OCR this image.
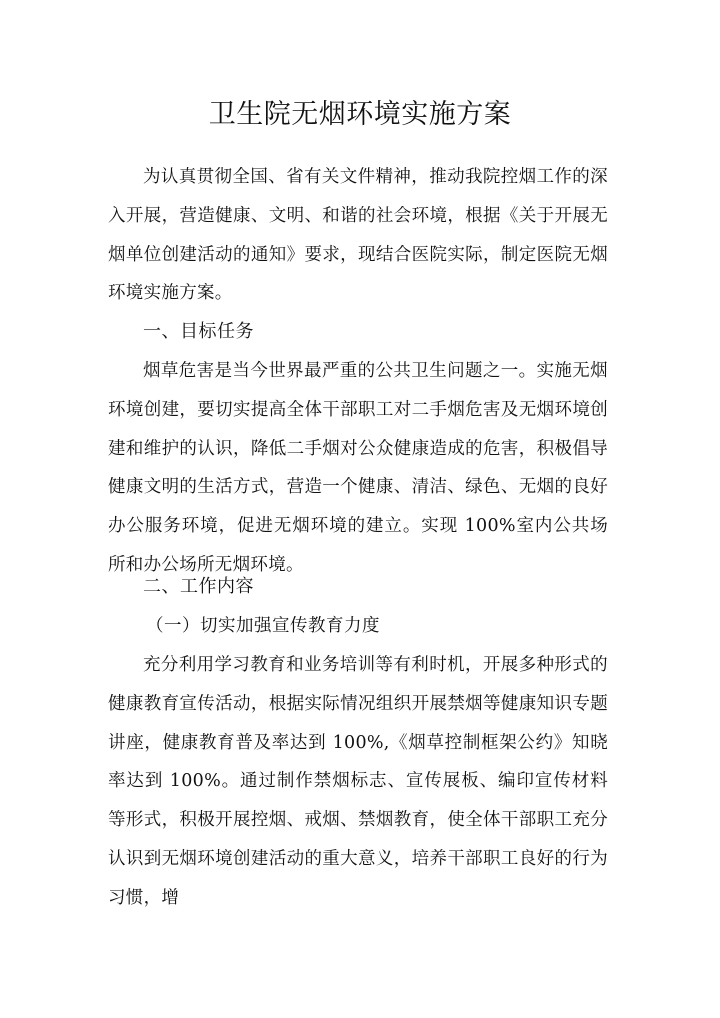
卫生院无烟环境实施方案

为认真贯彻全国、省有关文件精神，推动我院控烟工作的深入开展，营造健康、文明、和谐的社会环境，根据《关于开展无烟单位创建活动的通知》要求，现结合医院实际，制定医院无烟环境实施方案。

一、目标任务

烟草危害是当今世界最严重的公共卫生问题之一。实施无烟环境创建，要切实提高全体干部职工对二手烟危害及无烟环境创建和维护的认识，降低二手烟对公众健康造成的危害，积极倡导健康文明的生活方式，营造一个健康、清洁、绿色、无烟的良好办公服务环境，促进无烟环境的建立。实现 100%室内公共场所和办公场所无烟环境。

二、工作内容
（一）切实加强宣传教育力度

充分利用学习教育和业务培训等有利时机，开展多种形式的健康教育宣传活动，根据实际情况组织开展禁烟等健康知识专题讲座，健康教育普及率达到 100%,《烟草控制框架公约》知晓率达到 100%。通过制作禁烟标志、宣传展板、编印宣传材料等形式，积极开展控烟、戒烟、禁烟教育，使全体干部职工充分认识到无烟环境创建活动的重大意义，培养干部职工良好的行为习惯，增
